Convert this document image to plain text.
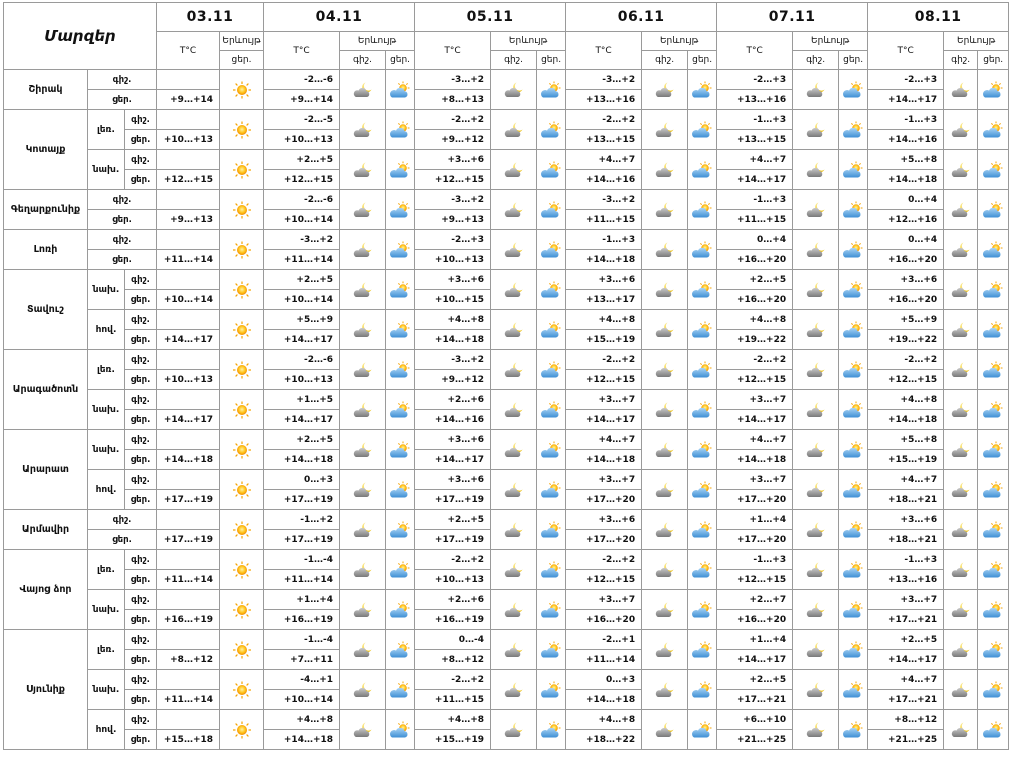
Մարզեր			03.11		04.11			05.11			06.11			07.11			08.11		
			T°C	Երևույթ	T°C	Երևույթ		T°C	Երևույթ		T°C	Երևույթ		T°C	Երևույթ		T°C	Երևույթ	
				ցեր.		գիշ.	ցեր.		գիշ.	ցեր.		գիշ.	ցեր.		գիշ.	ցեր.		գիշ.	ցեր.
Շիրակ	գիշ.				-2…-6			-3…+2			-3…+2			-2…+3			-2…+3	

	ցեր.		+9…+14		+9…+14			+8…+13			+13…+16			+13…+16			+14…+17		
Կոտայք	լեռ.	գիշ.			-2…-5			-2…+2			-2…+2			-1…+3			-1…+3	

		ցեր.	+10…+13		+10…+13			+9…+12			+13…+15			+13…+15			+14…+16		
	նախ.	գիշ.			+2…+5			+3…+6			+4…+7			+4…+7			+5…+8	

		ցեր.	+12…+15		+12…+15			+12…+15			+14…+16			+14…+17			+14…+18		
Գեղարքունիք	գիշ.				-2…-6			-3…+2			-3…+2			-1…+3			0…+4	

	ցեր.		+9…+13		+10…+14			+9…+13			+11…+15			+11…+15			+12…+16		
Լոռի	գիշ.				-3…+2			-2…+3			-1…+3			0…+4			0…+4	

	ցեր.		+11…+14		+11…+14			+10…+13			+14…+18			+16…+20			+16…+20		
Տավուշ	նախ.	գիշ.			+2…+5			+3…+6			+3…+6			+2…+5			+3…+6	

		ցեր.	+10…+14		+10…+14			+10…+15			+13…+17			+16…+20			+16…+20		
	հով.	գիշ.			+5…+9			+4…+8			+4…+8			+4…+8			+5…+9	

		ցեր.	+14…+17		+14…+17			+14…+18			+15…+19			+19…+22			+19…+22		
Արագածոտն	լեռ.	գիշ.			-2…-6			-3…+2			-2…+2			-2…+2			-2…+2	

		ցեր.	+10…+13		+10…+13			+9…+12			+12…+15			+12…+15			+12…+15		
	նախ.	գիշ.			+1…+5			+2…+6			+3…+7			+3…+7			+4…+8	

		ցեր.	+14…+17		+14…+17			+14…+16			+14…+17			+14…+17			+14…+18		
Արարատ	նախ.	գիշ.			+2…+5			+3…+6			+4…+7			+4…+7			+5…+8	

		ցեր.	+14…+18		+14…+18			+14…+17			+14…+18			+14…+18			+15…+19		
	հով.	գիշ.			0…+3			+3…+6			+3…+7			+3…+7			+4…+7	

		ցեր.	+17…+19		+17…+19			+17…+19			+17…+20			+17…+20			+18…+21		
Արմավիր	գիշ.				-1…+2			+2…+5			+3…+6			+1…+4			+3…+6	

	ցեր.		+17…+19		+17…+19			+17…+19			+17…+20			+17…+20			+18…+21		
Վայոց ձոր	լեռ.	գիշ.			-1…-4			-2…+2			-2…+2			-1…+3			-1…+3	

		ցեր.	+11…+14		+11…+14			+10…+13			+12…+15			+12…+15			+13…+16		
	նախ.	գիշ.			+1…+4			+2…+6			+3…+7			+2…+7			+3…+7	

		ցեր.	+16…+19		+16…+19			+16…+19			+16…+20			+16…+20			+17…+21		
Սյունիք	լեռ.	գիշ.			-1…-4			0…-4			-2…+1			+1…+4			+2…+5	

		ցեր.	+8…+12		+7…+11			+8…+12			+11…+14			+14…+17			+14…+17		
	նախ.	գիշ.			-4…+1			-2…+2			0…+3			+2…+5			+4…+7	

		ցեր.	+11…+14		+10…+14			+11…+15			+14…+18			+17…+21			+17…+21		
	հով.	գիշ.			+4…+8			+4…+8			+4…+8			+6…+10			+8…+12	

		ցեր.	+15…+18		+14…+18			+15…+19			+18…+22			+21…+25			+21…+25		
